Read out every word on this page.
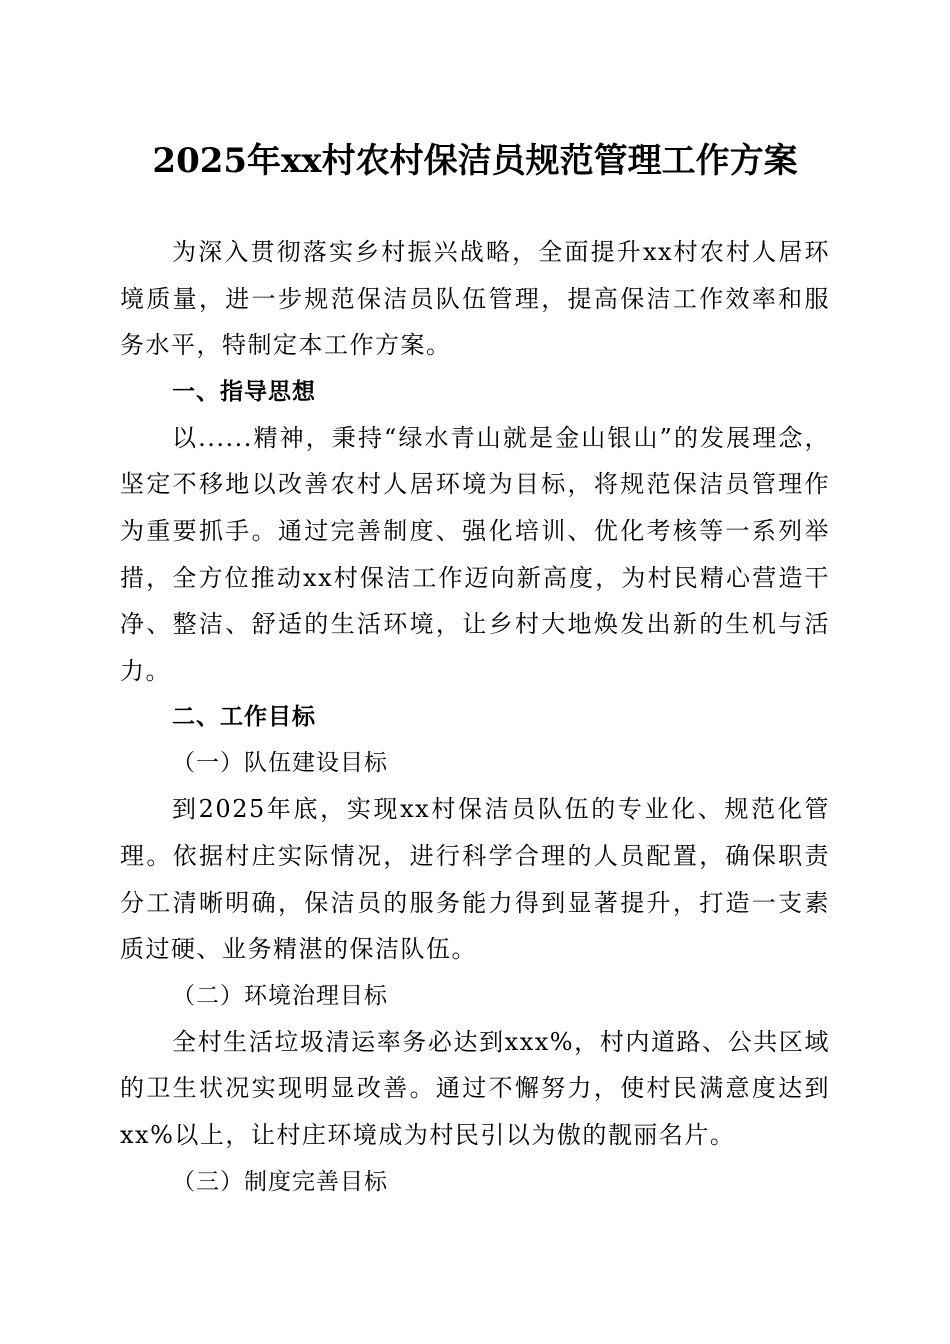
2025年xx村农村保洁员规范管理工作方案

为深入贯彻落实乡村振兴战略，全面提升xx村农村人居环境质量，进一步规范保洁员队伍管理，提高保洁工作效率和服务水平，特制定本工作方案。

一、指导思想

以......精神，秉持“绿水青山就是金山银山”的发展理念，坚定不移地以改善农村人居环境为目标，将规范保洁员管理作为重要抓手。通过完善制度、强化培训、优化考核等一系列举措，全方位推动xx村保洁工作迈向新高度，为村民精心营造干净、整洁、舒适的生活环境，让乡村大地焕发出新的生机与活力。

二、工作目标
（一）队伍建设目标

到2025年底，实现xx村保洁员队伍的专业化、规范化管理。依据村庄实际情况，进行科学合理的人员配置，确保职责分工清晰明确，保洁员的服务能力得到显著提升，打造一支素质过硬、业务精湛的保洁队伍。

（二）环境治理目标

全村生活垃圾清运率务必达到xxx%，村内道路、公共区域的卫生状况实现明显改善。通过不懈努力，使村民满意度达到xx%以上，让村庄环境成为村民引以为傲的靓丽名片。

（三）制度完善目标
